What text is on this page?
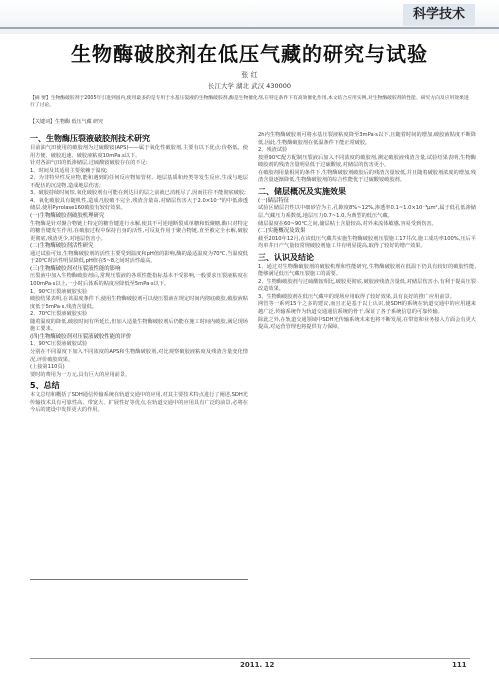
科学技术
生物酶破胶剂在低压气藏的研究与试验
张 红
长江大学 湖北 武汉 430000
【摘 要】生物酶破胶剂于2005年引进到国内,使用最多的是专用于水基压裂液的生物酶破胶剂,酶是生物催化剂,在特定条件下有高效催化作用,本文结合应用实例,对生物酶破胶剂的性能、研究方向及应用效果进行了讨论。
【关键词】生物酶 低压气藏 研究
一、生物酶压裂液破胶剂技术研究
目前油气田使用的破胶剂为过硫酸铵(APS)——属于氧化性破胶剂,主要有以下优点:价格低、使用方便、破胶迅速、破胶液粘度10mPa.s以下。
针对各油气田的低渗储层,过硫酸铵破胶存在的不足:
1、时间及其适用主要依赖于温度;
2、为非特异性反应物,能和遇到的任何反应物如管材、地层基质和烃类等发生反应,生成与地层不配伍的沉淀物,造成地层伤害;
3、破胶持续时间短,氧化破胶剂有可能在到达目的层之前就已消耗尽了,因而往往不能彻底破胶;
4、氧化破胶具有随机性,造成凡胶破不完全,残渣含量高,对储层伤害大于2.0×10⁻³的中低渗透储层,使用Pyrolase160破胶有较好效果。
(一)生物酶破胶剂破胶机理研究
生物酶是针对聚合物链上特定的糖苷键进行水解,使其不可逆地断裂成单糖和低聚糖,酶只对特定的糖苷键发生作用,在破胶过程中保持自身的活性,可反复作用于聚合物链,直至被完全水解,破胶更彻底,残渣更少,对地层伤害小。
(二)生物酶破胶剂活性研究
通过试验可知,生物酶破胶剂的活性主要受到温度和pH值的影响,酶的最适温度为70℃,当温度低于20℃时活性明显降低,pH值在5~8之间时活性最高。
(三)生物酶破胶剂对压裂液性能的影响
压裂液中加入生物酶破胶剂后,常规压裂液的各项性能指标基本不受影响,一般要求压裂液粘度在100mPa·s以上,一小时后体系的粘度应降低至5mPa·s以下。
1、90℃压裂液破胶实验
破胶结果表明,在该温度条件下,使用生物酶破胶剂可以使压裂液在规定时间内彻底破胶,破胶液粘度低于5mPa·s,残渣含量低。
2、70℃压裂液破胶实验
随着温度的降低,破胶时间有所延长,但加入适量生物酶破胶剂后仍能在施工时间内破胶,满足现场施工要求。
(四)生物酶破胶剂对压裂液破胶性能的评价
1、90℃压裂液破胶试验
分别在不同温度下加入不同浓度的APS和生物酶破胶剂,对比观察破胶液粘度及残渣含量变化情况,评价破胶效果。
(上接第110页)
要时的费用为一万元,具有巨大的应用前景。
5、总结
本文总结和概括了SDH通信传输系统在轨道交通中的应用,对其主要技术特点进行了阐述,SDH光传输技术具有可靠性高、带宽大、扩展性好等优点,在轨道交通中的应用具有广泛的前景,必将在今后的建设中发挥更大的作用。
2h内生物酶破胶剂可将水基压裂液粘度降至3mPa·s以下,且随着时间的增加,破胶液粘度不断降低,因此,生物酶破胶剂在低温条件下能正常破胶。
2、残渣试验
按照90℃配方配制压裂液后加入不同浓度的破胶剂,测定破胶液残渣含量,试验结果表明,生物酶破胶剂的残渣含量明显低于过硫酸铵,对储层的伤害更小。
在破胶剂用量相同的条件下,生物酶破胶剂破胶后的残渣含量较低,并且随着破胶剂浓度的增加,残渣含量逐渐降低,生物酶破胶剂的综合性能优于过硫酸铵破胶剂。
二、储层概况及实施效果
(一)储层特征
试验区储层岩性以中细砂岩为主,孔隙度8%~12%,渗透率0.1~1.0×10⁻³μm²,属于低孔低渗储层,气藏压力系数低,地层压力0.7~1.0,为典型的低压气藏。
储层温度在60~90℃之间,储层粘土含量较高,对外来流体敏感,容易受到伤害。
(二)实施概况及效果
截至2010年12月,在该低压气藏共实施生物酶破胶剂压裂施工17井次,施工成功率100%,压后平均单井日产气量较常规破胶剂施工井有明显提高,取得了较好的增产效果。
三、认识及结论
1、通过对生物酶破胶剂的破胶机理和性能研究,生物酶破胶剂在低温下仍具有较好的破胶性能,能够满足低压气藏压裂施工的需要。
2、生物酶破胶剂与过硫酸铵相比,破胶更彻底,破胶液残渣含量低,对储层伤害小,有利于提高压裂改造效果。
3、生物酶破胶剂在低压气藏中的现场应用取得了较好效果,具有良好的推广应用前景。
网管等一系列15个之多的建议,而且正是基于以上认识,使SDH的系统在轨道交通中的应用越来越广泛,传输系统作为轨道交通通信系统的骨干,保证了各子系统信息的可靠传输。
除此之外,在轨道交通领域中SDH光传输系统未来也将不断发展,在带宽和业务接入方面会有更大提高,对运营管理也将提供有力保障。
2011. 12	111
